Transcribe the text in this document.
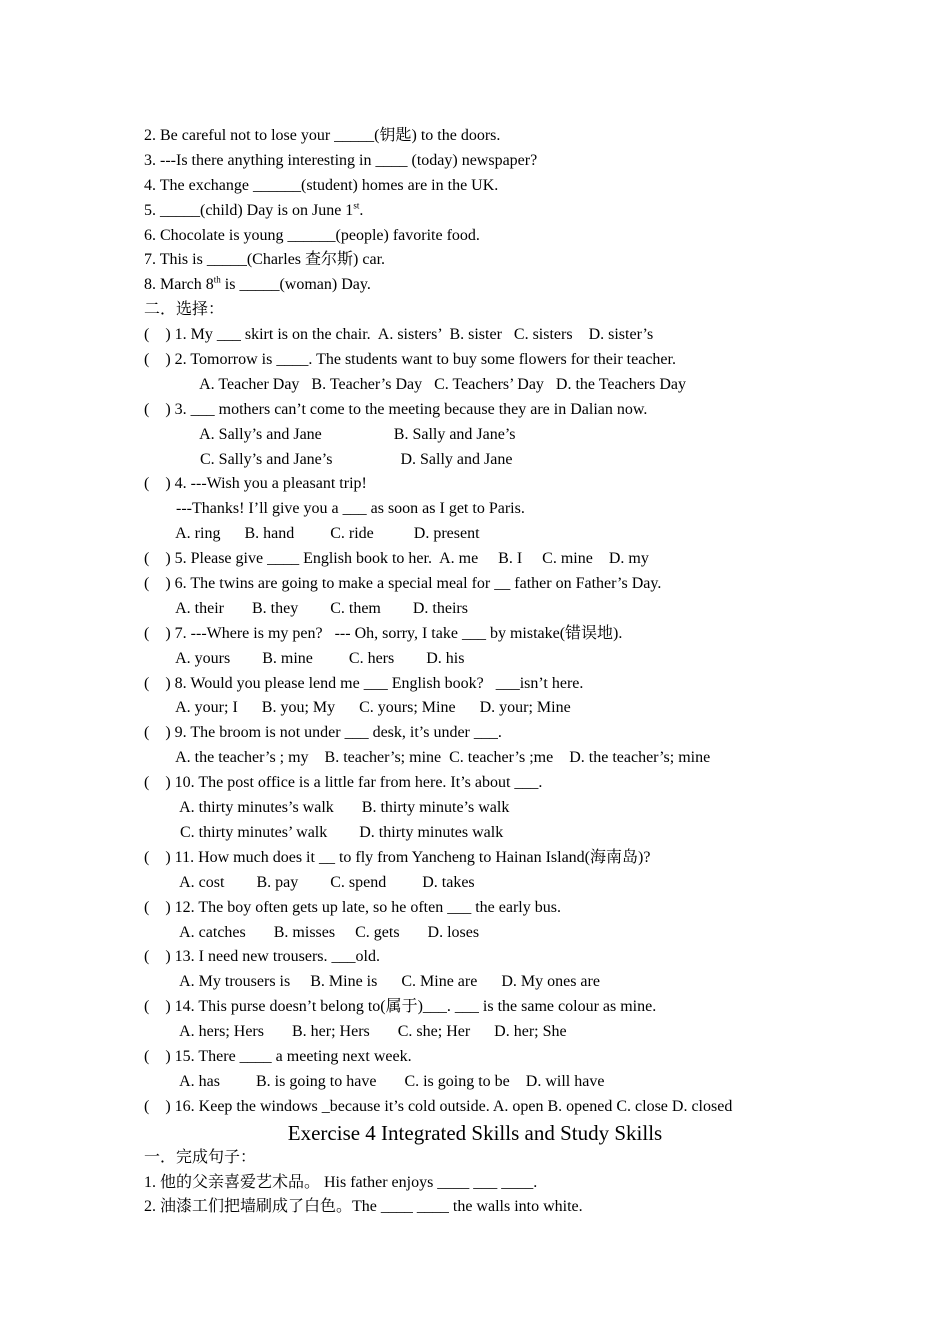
2. Be careful not to lose your _____(钥匙) to the doors.
3. ---Is there anything interesting in ____ (today) newspaper?
4. The exchange ______(student) homes are in the UK.
5. _____(child) Day is on June 1st.
6. Chocolate is young ______(people) favorite food.
7. This is _____(Charles 查尔斯) car.
8. March 8th is _____(woman) Day.
二．选择：
(    ) 1. My ___ skirt is on the chair.  A. sisters’  B. sister   C. sisters    D. sister’s
(    ) 2. Tomorrow is ____. The students want to buy some flowers for their teacher.
A. Teacher Day   B. Teacher’s Day   C. Teachers’ Day   D. the Teachers Day
(    ) 3. ___ mothers can’t come to the meeting because they are in Dalian now.
A. Sally’s and Jane                  B. Sally and Jane’s
C. Sally’s and Jane’s                 D. Sally and Jane
(    ) 4. ---Wish you a pleasant trip!
---Thanks! I’ll give you a ___ as soon as I get to Paris.
A. ring      B. hand         C. ride          D. present
(    ) 5. Please give ____ English book to her.  A. me     B. I     C. mine    D. my
(    ) 6. The twins are going to make a special meal for __ father on Father’s Day.
A. their       B. they        C. them        D. theirs
(    ) 7. ---Where is my pen?   --- Oh, sorry, I take ___ by mistake(错误地).
A. yours        B. mine         C. hers        D. his
(    ) 8. Would you please lend me ___ English book?   ___isn’t here.
A. your; I      B. you; My      C. yours; Mine      D. your; Mine
(    ) 9. The broom is not under ___ desk, it’s under ___.
A. the teacher’s ; my    B. teacher’s; mine  C. teacher’s ;me    D. the teacher’s; mine
(    ) 10. The post office is a little far from here. It’s about ___.
A. thirty minutes’s walk       B. thirty minute’s walk
C. thirty minutes’ walk        D. thirty minutes walk
(    ) 11. How much does it __ to fly from Yancheng to Hainan Island(海南岛)?
A. cost        B. pay        C. spend         D. takes
(    ) 12. The boy often gets up late, so he often ___ the early bus.
A. catches       B. misses     C. gets       D. loses
(    ) 13. I need new trousers. ___old.
A. My trousers is     B. Mine is      C. Mine are      D. My ones are
(    ) 14. This purse doesn’t belong to(属于)___. ___ is the same colour as mine.
A. hers; Hers       B. her; Hers       C. she; Her      D. her; She
(    ) 15. There ____ a meeting next week.
A. has         B. is going to have       C. is going to be    D. will have
(    ) 16. Keep the windows _because it’s cold outside. A. open B. opened C. close D. closed
Exercise 4 Integrated Skills and Study Skills
一．完成句子：
1. 他的父亲喜爱艺术品。 His father enjoys ____ ___ ____.
2. 油漆工们把墙刷成了白色。The ____ ____ the walls into white.
